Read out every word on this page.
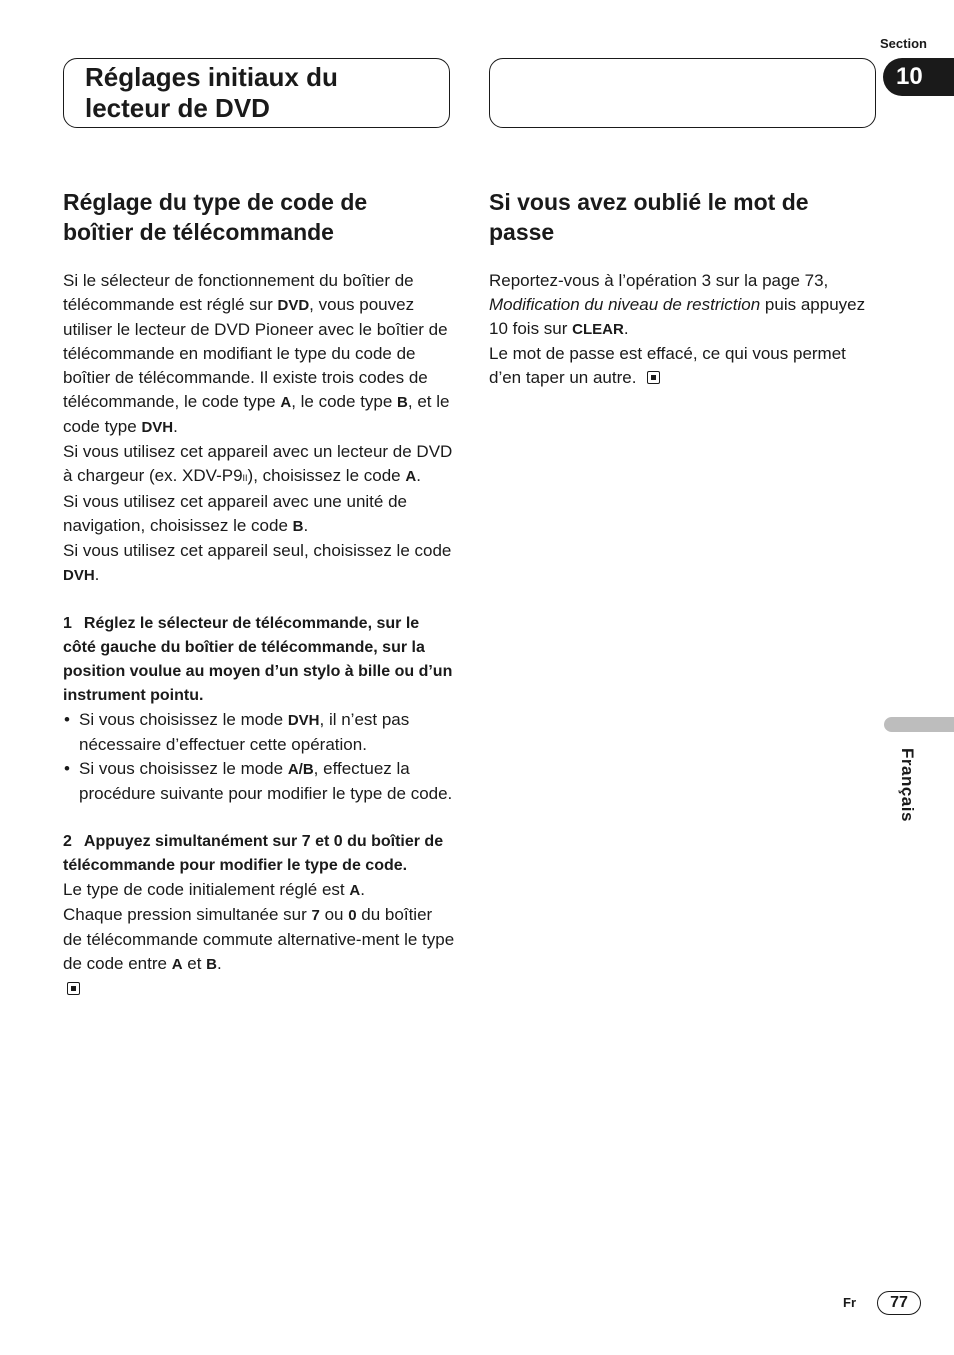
Section
10
Réglages initiaux du
lecteur de DVD
Réglage du type de code de
boîtier de télécommande

Si le sélecteur de fonctionnement du boîtier de télécommande est réglé sur DVD, vous pouvez utiliser le lecteur de DVD Pioneer avec le boîtier de télécommande en modifiant le type du code de boîtier de télécommande. Il existe trois codes de télécommande, le code type A, le code type B, et le code type DVH.

Si vous utilisez cet appareil avec un lecteur de DVD à chargeur (ex. XDV-P9II), choisissez le code A.

Si vous utilisez cet appareil avec une unité de navigation, choisissez le code B.

Si vous utilisez cet appareil seul, choisissez le code DVH.

1 Réglez le sélecteur de télécommande, sur le côté gauche du boîtier de télécommande, sur la position voulue au moyen d’un stylo à bille ou d’un instrument pointu.

• Si vous choisissez le mode DVH, il n’est pas nécessaire d’effectuer cette opération.
• Si vous choisissez le mode A/B, effectuez la procédure suivante pour modifier le type de code.

2 Appuyez simultanément sur 7 et 0 du boîtier de télécommande pour modifier le type de code.

Le type de code initialement réglé est A.

Chaque pression simultanée sur 7 ou 0 du boîtier de télécommande commute alternative-ment le type de code entre A et B.

Si vous avez oublié le mot de
passe

Reportez-vous à l’opération 3 sur la page 73, Modification du niveau de restriction puis appuyez 10 fois sur CLEAR.

Le mot de passe est effacé, ce qui vous permet d’en taper un autre.

Français
Fr	77
